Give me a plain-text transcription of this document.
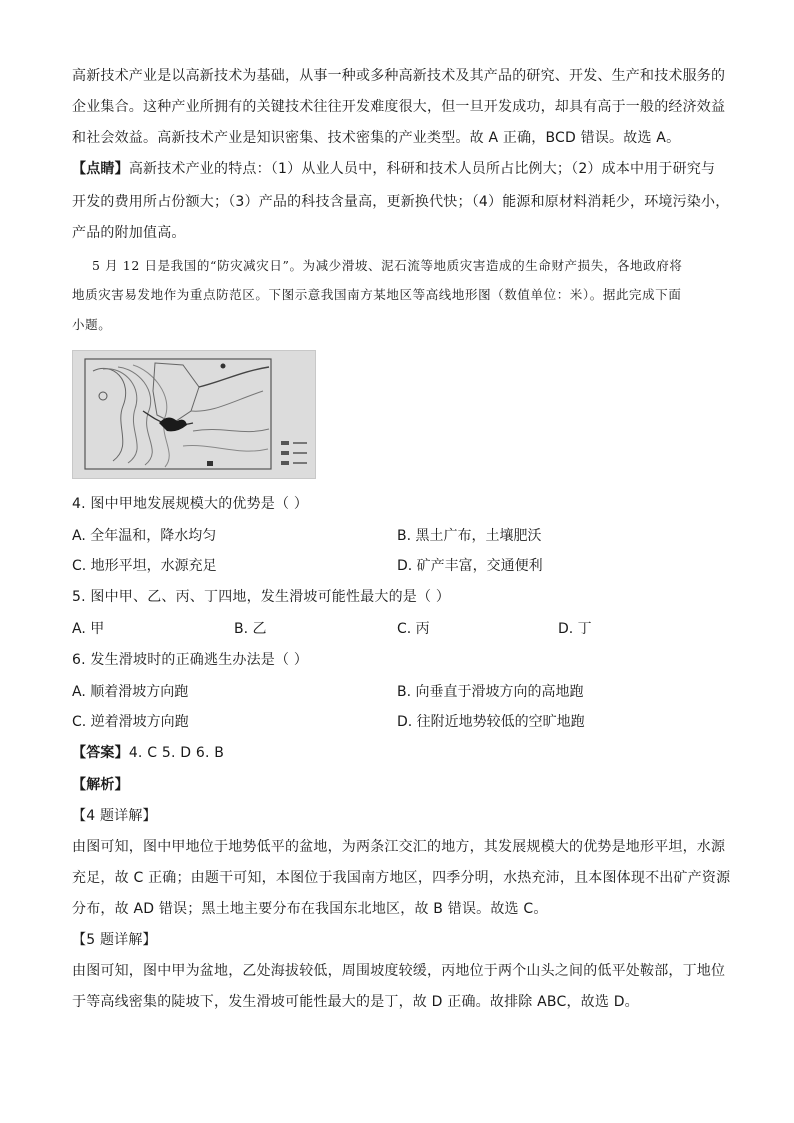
高新技术产业是以高新技术为基础，从事一种或多种高新技术及其产品的研究、开发、生产和技术服务的
企业集合。这种产业所拥有的关键技术往往开发难度很大，但一旦开发成功，却具有高于一般的经济效益
和社会效益。高新技术产业是知识密集、技术密集的产业类型。故 A 正确，BCD 错误。故选 A。
【点睛】高新技术产业的特点：（1）从业人员中，科研和技术人员所占比例大；（2）成本中用于研究与
开发的费用所占份额大；（3）产品的科技含量高，更新换代快；（4）能源和原材料消耗少，环境污染小，
产品的附加值高。
5 月 12 日是我国的“防灾减灾日”。为减少滑坡、泥石流等地质灾害造成的生命财产损失，各地政府将
地质灾害易发地作为重点防范区。下图示意我国南方某地区等高线地形图（数值单位：米）。据此完成下面
小题。
4. 图中甲地发展规模大的优势是（ ）
A. 全年温和，降水均匀	B. 黑土广布，土壤肥沃
C. 地形平坦，水源充足	D. 矿产丰富，交通便利
5. 图中甲、乙、丙、丁四地，发生滑坡可能性最大的是（ ）
A. 甲	B. 乙	C. 丙	D. 丁
6. 发生滑坡时的正确逃生办法是（ ）
A. 顺着滑坡方向跑	B. 向垂直于滑坡方向的高地跑
C. 逆着滑坡方向跑	D. 往附近地势较低的空旷地跑
【答案】4. C 5. D 6. B
【解析】
【4 题详解】
由图可知，图中甲地位于地势低平的盆地，为两条江交汇的地方，其发展规模大的优势是地形平坦，水源
充足，故 C 正确；由题干可知，本图位于我国南方地区，四季分明，水热充沛，且本图体现不出矿产资源
分布，故 AD 错误；黑土地主要分布在我国东北地区，故 B 错误。故选 C。
【5 题详解】
由图可知，图中甲为盆地，乙处海拔较低，周围坡度较缓，丙地位于两个山头之间的低平处鞍部，丁地位
于等高线密集的陡坡下，发生滑坡可能性最大的是丁，故 D 正确。故排除 ABC，故选 D。
